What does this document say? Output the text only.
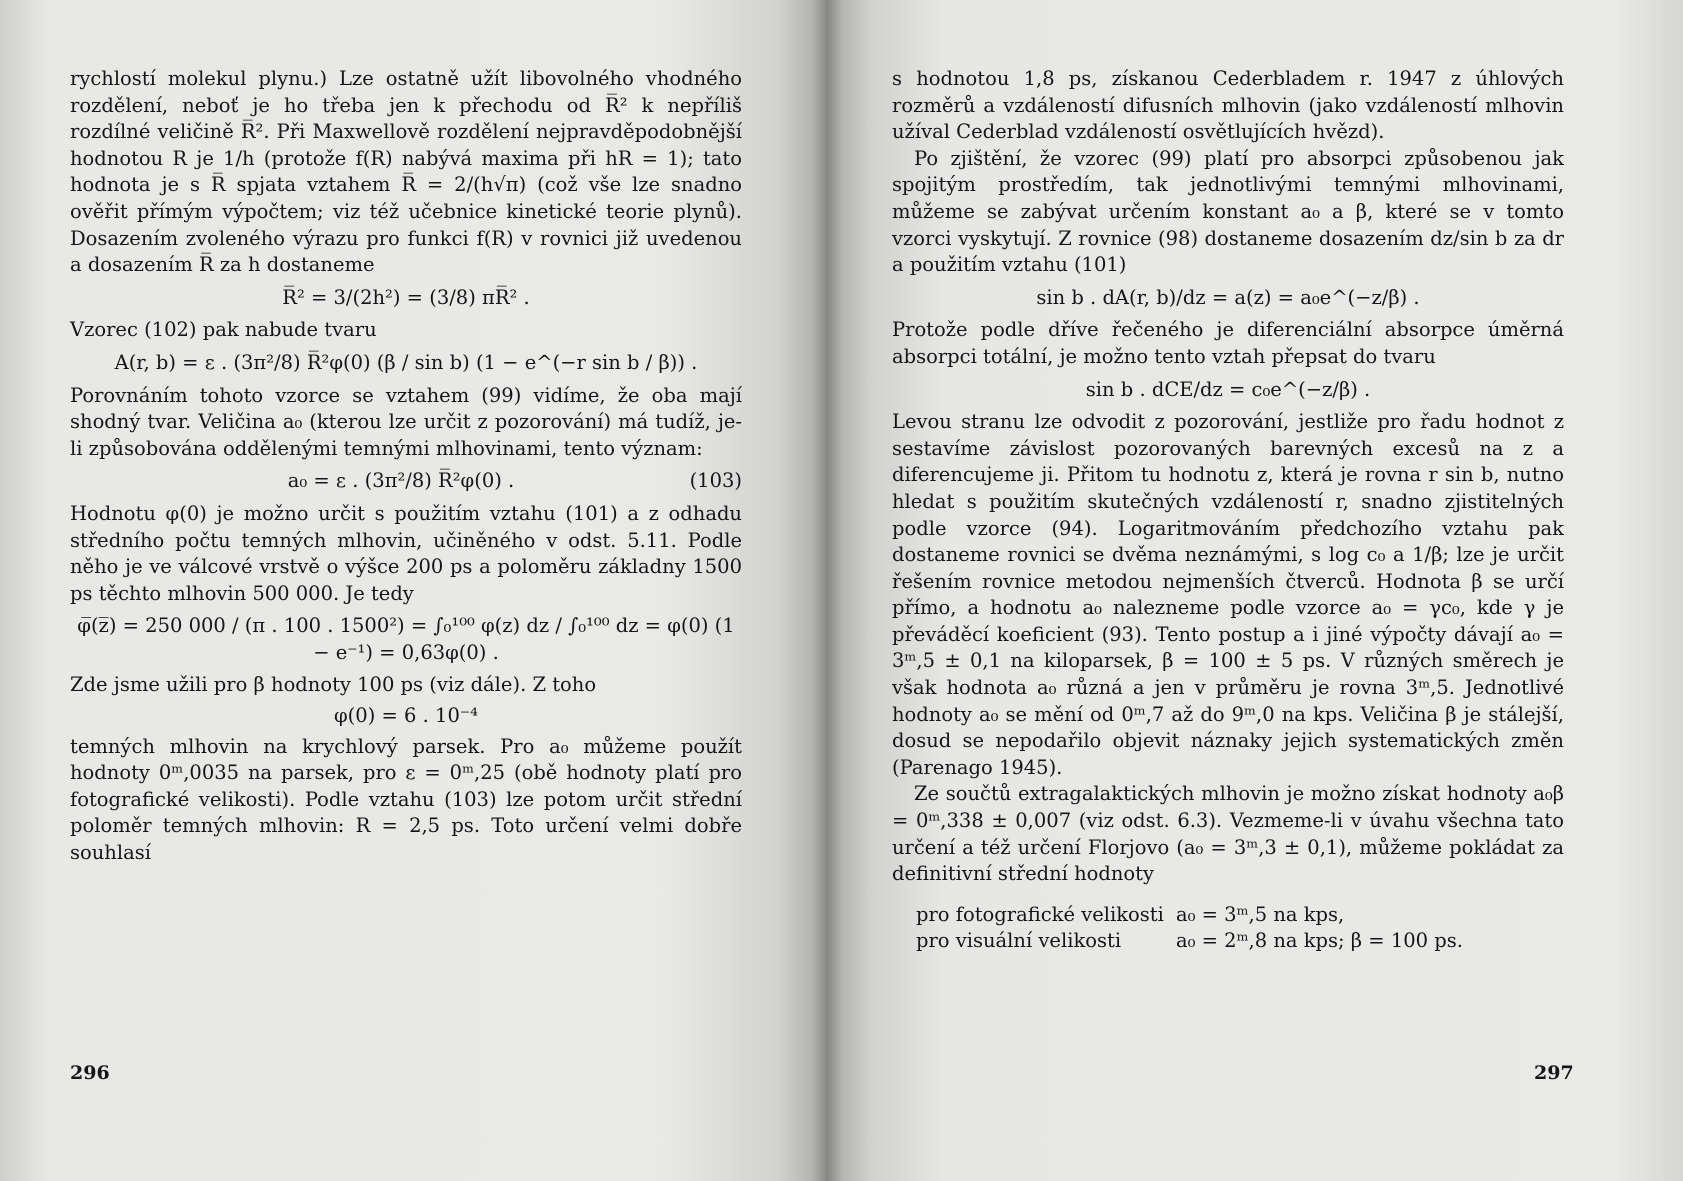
rychlostí molekul plynu.) Lze ostatně užít libovolného vhodného rozdělení, neboť je ho třeba jen k přechodu od R̅² k nepříliš rozdílné veličině R̅². Při Maxwellově rozdělení nejpravděpodobnější hodnotou R je 1/h (protože f(R) nabývá maxima při hR = 1); tato hodnota je s R̅ spjata vztahem R̅ = 2/(h√π) (což vše lze snadno ověřit přímým výpočtem; viz též učebnice kinetické teorie plynů). Dosazením zvoleného výrazu pro funkci f(R) v rovnici již uvedenou a dosazením R̅ za h dostaneme

R̅² = 3/(2h²) = (3/8) πR̅² .

Vzorec (102) pak nabude tvaru

A(r, b) = ε . (3π²/8) R̅²φ(0) (β / sin b) (1 − e^(−r sin b / β)) .

Porovnáním tohoto vzorce se vztahem (99) vidíme, že oba mají shodný tvar. Veličina a₀ (kterou lze určit z pozorování) má tudíž, je-li způsobována oddělenými temnými mlhovinami, tento význam:

a₀ = ε . (3π²/8) R̅²φ(0) .	(103)

Hodnotu φ(0) je možno určit s použitím vztahu (101) a z odhadu středního počtu temných mlhovin, učiněného v odst. 5.11. Podle něho je ve válcové vrstvě o výšce 200 ps a poloměru základny 1500 ps těchto mlhovin 500 000. Je tedy

φ̅(z̅) = 250 000 / (π . 100 . 1500²) = ∫₀¹⁰⁰ φ(z) dz / ∫₀¹⁰⁰ dz = φ(0) (1 − e⁻¹) = 0,63φ(0) .

Zde jsme užili pro β hodnoty 100 ps (viz dále). Z toho

φ(0) = 6 . 10⁻⁴

temných mlhovin na krychlový parsek. Pro a₀ můžeme použít hodnoty 0ᵐ,0035 na parsek, pro ε = 0ᵐ,25 (obě hodnoty platí pro fotografické velikosti). Podle vztahu (103) lze potom určit střední poloměr temných mlhovin: R = 2,5 ps. Toto určení velmi dobře souhlasí

296

s hodnotou 1,8 ps, získanou Cederbladem r. 1947 z úhlových rozměrů a vzdáleností difusních mlhovin (jako vzdáleností mlhovin užíval Cederblad vzdáleností osvětlujících hvězd).

Po zjištění, že vzorec (99) platí pro absorpci způsobenou jak spojitým prostředím, tak jednotlivými temnými mlhovinami, můžeme se zabývat určením konstant a₀ a β, které se v tomto vzorci vyskytují. Z rovnice (98) dostaneme dosazením dz/sin b za dr a použitím vztahu (101)

sin b . dA(r, b)/dz = a(z) = a₀e^(−z/β) .

Protože podle dříve řečeného je diferenciální absorpce úměrná absorpci totální, je možno tento vztah přepsat do tvaru

sin b . dCE/dz = c₀e^(−z/β) .

Levou stranu lze odvodit z pozorování, jestliže pro řadu hodnot z sestavíme závislost pozorovaných barevných excesů na z a diferencujeme ji. Přitom tu hodnotu z, která je rovna r sin b, nutno hledat s použitím skutečných vzdáleností r, snadno zjistitelných podle vzorce (94). Logaritmováním předchozího vztahu pak dostaneme rovnici se dvěma neznámými, s log c₀ a 1/β; lze je určit řešením rovnice metodou nejmenších čtverců. Hodnota β se určí přímo, a hodnotu a₀ nalezneme podle vzorce a₀ = γc₀, kde γ je převáděcí koeficient (93). Tento postup a i jiné výpočty dávají a₀ = 3ᵐ,5 ± 0,1 na kiloparsek, β = 100 ± 5 ps. V různých směrech je však hodnota a₀ různá a jen v průměru je rovna 3ᵐ,5. Jednotlivé hodnoty a₀ se mění od 0ᵐ,7 až do 9ᵐ,0 na kps. Veličina β je stálejší, dosud se nepodařilo objevit náznaky jejich systematických změn (Parenago 1945).

Ze součtů extragalaktických mlhovin je možno získat hodnoty a₀β = 0ᵐ,338 ± 0,007 (viz odst. 6.3). Vezmeme-li v úvahu všechna tato určení a též určení Florjovo (a₀ = 3ᵐ,3 ± 0,1), můžeme pokládat za definitivní střední hodnoty

pro fotografické velikosti a₀ = 3ᵐ,5 na kps,
pro visuální velikosti	a₀ = 2ᵐ,8 na kps; β = 100 ps.
297
